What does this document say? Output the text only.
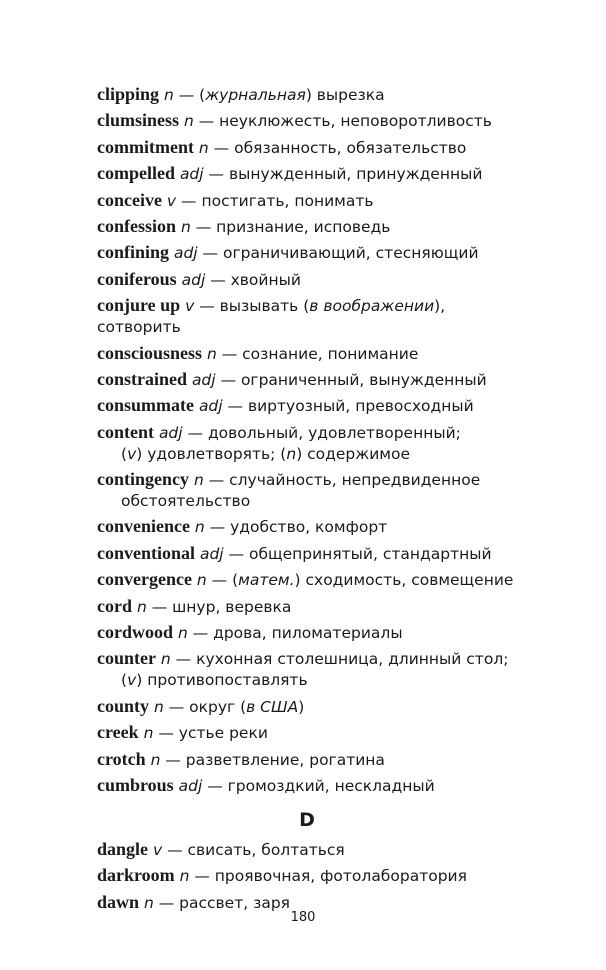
clipping n — (журнальная) вырезка
clumsiness n — неуклюжесть, неповоротливость
commitment n — обязанность, обязательство
compelled adj — вынужденный, принужденный
conceive v — постигать, понимать
confession n — признание, исповедь
confining adj — ограничивающий, стесняющий
coniferous adj — хвойный
conjure up v — вызывать (в воображении), сотворить
consciousness n — сознание, понимание
constrained adj — ограниченный, вынужденный
consummate adj — виртуозный, превосходный
content adj — довольный, удовлетворенный;
(v) удовлетворять; (n) содержимое
contingency n — случайность, непредвиденное
обстоятельство
convenience n — удобство, комфорт
conventional adj — общепринятый, стандартный
convergence n — (матем.) сходимость, совмещение
cord n — шнур, веревка
cordwood n — дрова, пиломатериалы
counter n — кухонная столешница, длинный стол;
(v) противопоставлять
county n — округ (в США)
creek n — устье реки
crotch n — разветвление, рогатина
cumbrous adj — громоздкий, нескладный
D
dangle v — свисать, болтаться
darkroom n — проявочная, фотолаборатория
dawn n — рассвет, заря
180
